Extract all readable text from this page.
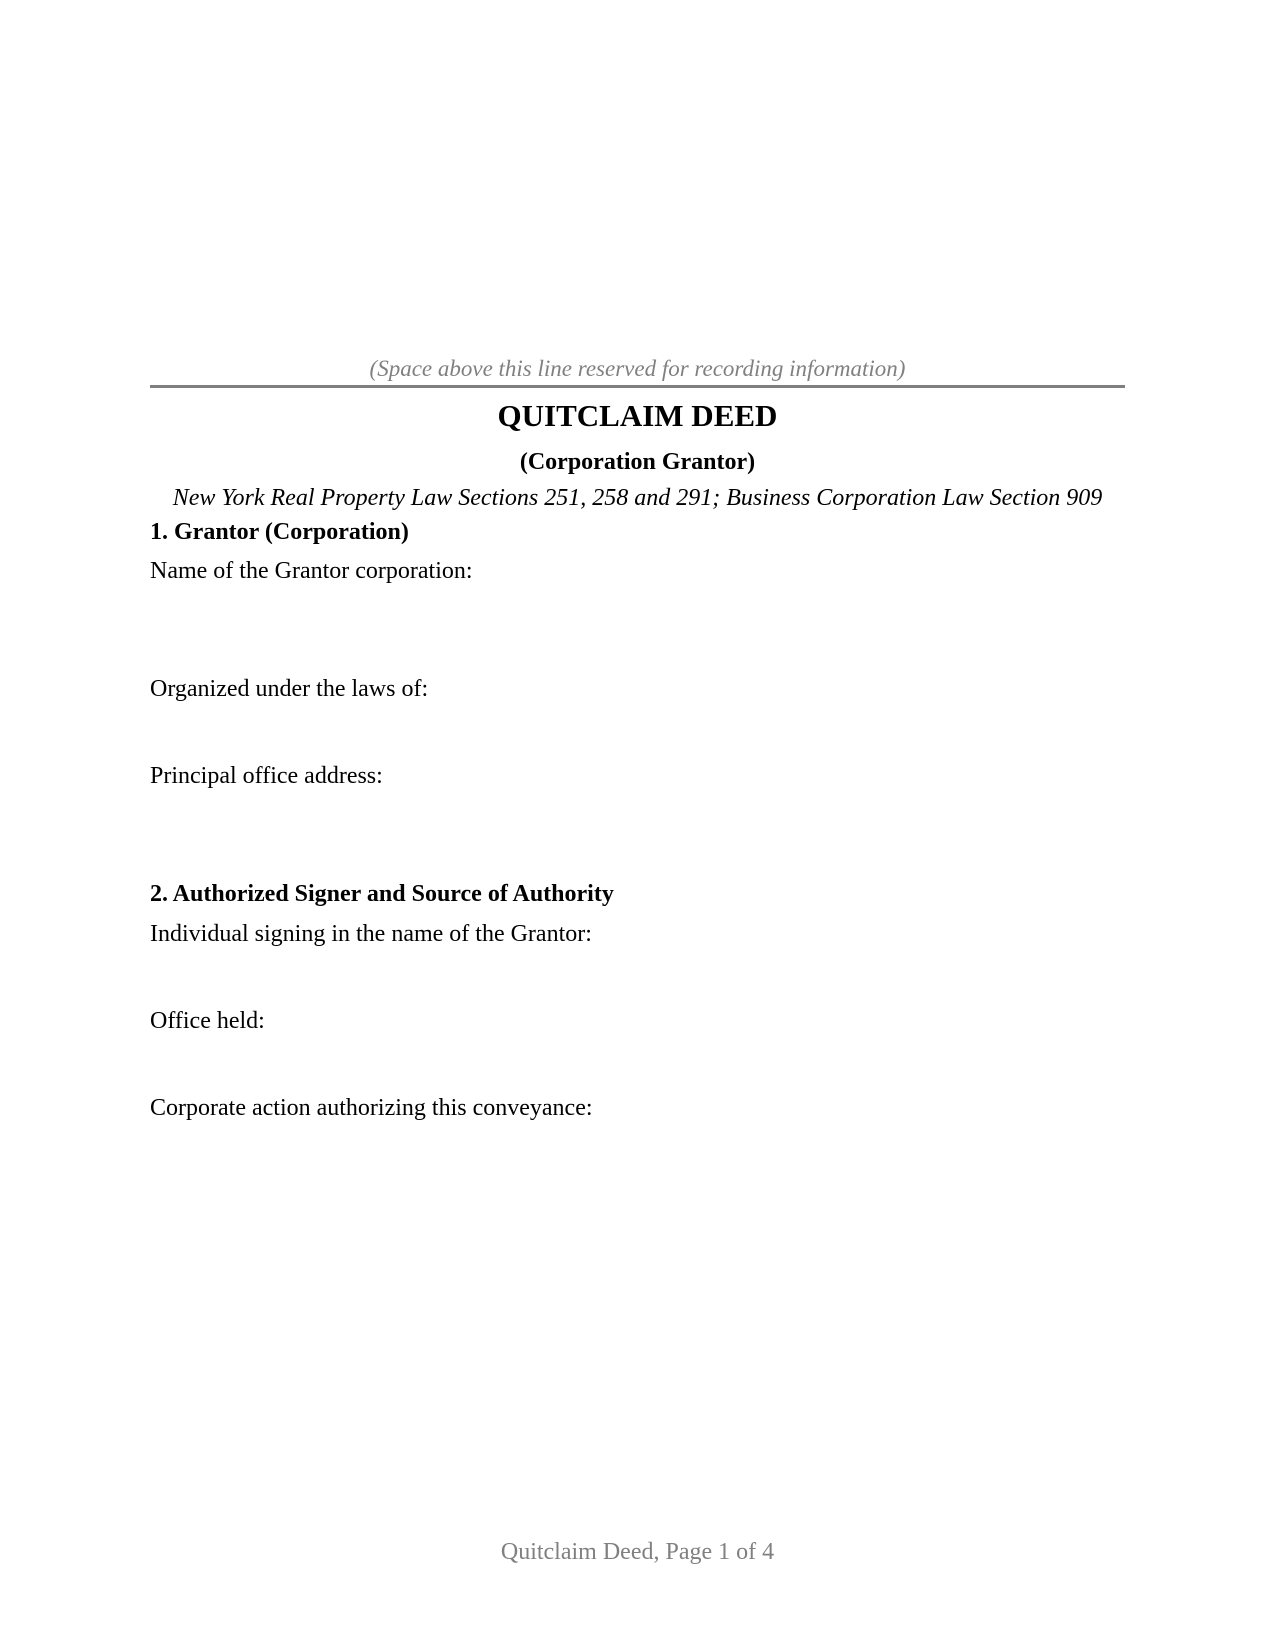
(Space above this line reserved for recording information)

QUITCLAIM DEED
(Corporation Grantor)

New York Real Property Law Sections 251, 258 and 291; Business Corporation Law Section 909

1. Grantor (Corporation)

Name of the Grantor corporation:

Organized under the laws of:

Principal office address:

2. Authorized Signer and Source of Authority

Individual signing in the name of the Grantor:

Office held:

Corporate action authorizing this conveyance:

Quitclaim Deed, Page 1 of 4
